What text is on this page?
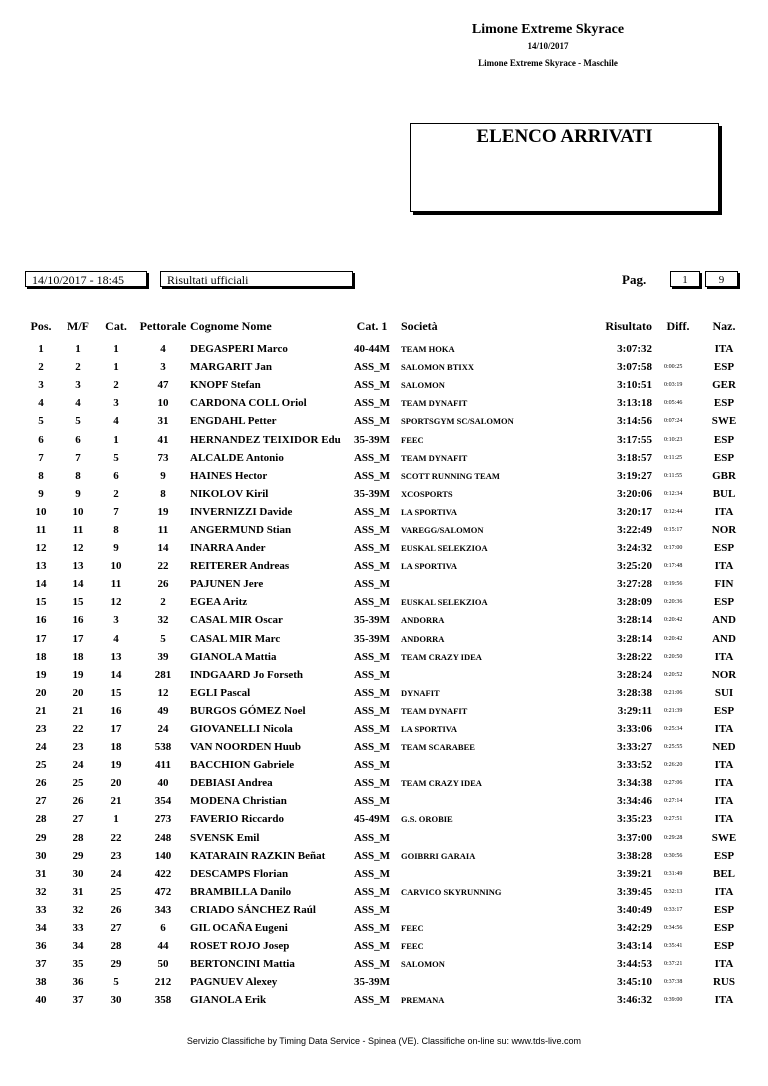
Limone Extreme Skyrace
14/10/2017
Limone Extreme Skyrace - Maschile
ELENCO ARRIVATI
14/10/2017 - 18:45	Risultati ufficiali	Pag.	1	9
Pos.	M/F	Cat.	Pettorale	Cognome Nome	Cat. 1	Società	Risultato	Diff.	Naz.
1	1	1	4	DEGASPERI Marco	40-44M	TEAM HOKA	3:07:32		ITA
2	2	1	3	MARGARIT Jan	ASS_M	SALOMON BTIXX	3:07:58	0:00:25	ESP
3	3	2	47	KNOPF Stefan	ASS_M	SALOMON	3:10:51	0:03:19	GER
4	4	3	10	CARDONA COLL Oriol	ASS_M	TEAM DYNAFIT	3:13:18	0:05:46	ESP
5	5	4	31	ENGDAHL Petter	ASS_M	SPORTSGYM SC/SALOMON	3:14:56	0:07:24	SWE
6	6	1	41	HERNANDEZ TEIXIDOR Edu	35-39M	FEEC	3:17:55	0:10:23	ESP
7	7	5	73	ALCALDE Antonio	ASS_M	TEAM DYNAFIT	3:18:57	0:11:25	ESP
8	8	6	9	HAINES Hector	ASS_M	SCOTT RUNNING TEAM	3:19:27	0:11:55	GBR
9	9	2	8	NIKOLOV Kiril	35-39M	XCOSPORTS	3:20:06	0:12:34	BUL
10	10	7	19	INVERNIZZI Davide	ASS_M	LA SPORTIVA	3:20:17	0:12:44	ITA
11	11	8	11	ANGERMUND Stian	ASS_M	VAREGG/SALOMON	3:22:49	0:15:17	NOR
12	12	9	14	INARRA Ander	ASS_M	EUSKAL SELEKZIOA	3:24:32	0:17:00	ESP
13	13	10	22	REITERER Andreas	ASS_M	LA SPORTIVA	3:25:20	0:17:48	ITA
14	14	11	26	PAJUNEN Jere	ASS_M		3:27:28	0:19:56	FIN
15	15	12	2	EGEA Aritz	ASS_M	EUSKAL SELEKZIOA	3:28:09	0:20:36	ESP
16	16	3	32	CASAL MIR Oscar	35-39M	ANDORRA	3:28:14	0:20:42	AND
17	17	4	5	CASAL MIR Marc	35-39M	ANDORRA	3:28:14	0:20:42	AND
18	18	13	39	GIANOLA Mattia	ASS_M	TEAM CRAZY IDEA	3:28:22	0:20:50	ITA
19	19	14	281	INDGAARD Jo Forseth	ASS_M		3:28:24	0:20:52	NOR
20	20	15	12	EGLI Pascal	ASS_M	DYNAFIT	3:28:38	0:21:06	SUI
21	21	16	49	BURGOS GÓMEZ Noel	ASS_M	TEAM DYNAFIT	3:29:11	0:21:39	ESP
23	22	17	24	GIOVANELLI Nicola	ASS_M	LA SPORTIVA	3:33:06	0:25:34	ITA
24	23	18	538	VAN NOORDEN Huub	ASS_M	TEAM SCARABEE	3:33:27	0:25:55	NED
25	24	19	411	BACCHION Gabriele	ASS_M		3:33:52	0:26:20	ITA
26	25	20	40	DEBIASI Andrea	ASS_M	TEAM CRAZY IDEA	3:34:38	0:27:06	ITA
27	26	21	354	MODENA Christian	ASS_M		3:34:46	0:27:14	ITA
28	27	1	273	FAVERIO Riccardo	45-49M	G.S. OROBIE	3:35:23	0:27:51	ITA
29	28	22	248	SVENSK Emil	ASS_M		3:37:00	0:29:28	SWE
30	29	23	140	KATARAIN RAZKIN Beñat	ASS_M	GOIBRRI GARAIA	3:38:28	0:30:56	ESP
31	30	24	422	DESCAMPS Florian	ASS_M		3:39:21	0:31:49	BEL
32	31	25	472	BRAMBILLA Danilo	ASS_M	CARVICO SKYRUNNING	3:39:45	0:32:13	ITA
33	32	26	343	CRIADO SÁNCHEZ Raúl	ASS_M		3:40:49	0:33:17	ESP
34	33	27	6	GIL OCAÑA Eugeni	ASS_M	FEEC	3:42:29	0:34:56	ESP
36	34	28	44	ROSET ROJO Josep	ASS_M	FEEC	3:43:14	0:35:41	ESP
37	35	29	50	BERTONCINI Mattia	ASS_M	SALOMON	3:44:53	0:37:21	ITA
38	36	5	212	PAGNUEV Alexey	35-39M		3:45:10	0:37:38	RUS
40	37	30	358	GIANOLA Erik	ASS_M	PREMANA	3:46:32	0:39:00	ITA
Servizio Classifiche by Timing Data Service - Spinea (VE). Classifiche on-line su: www.tds-live.com
